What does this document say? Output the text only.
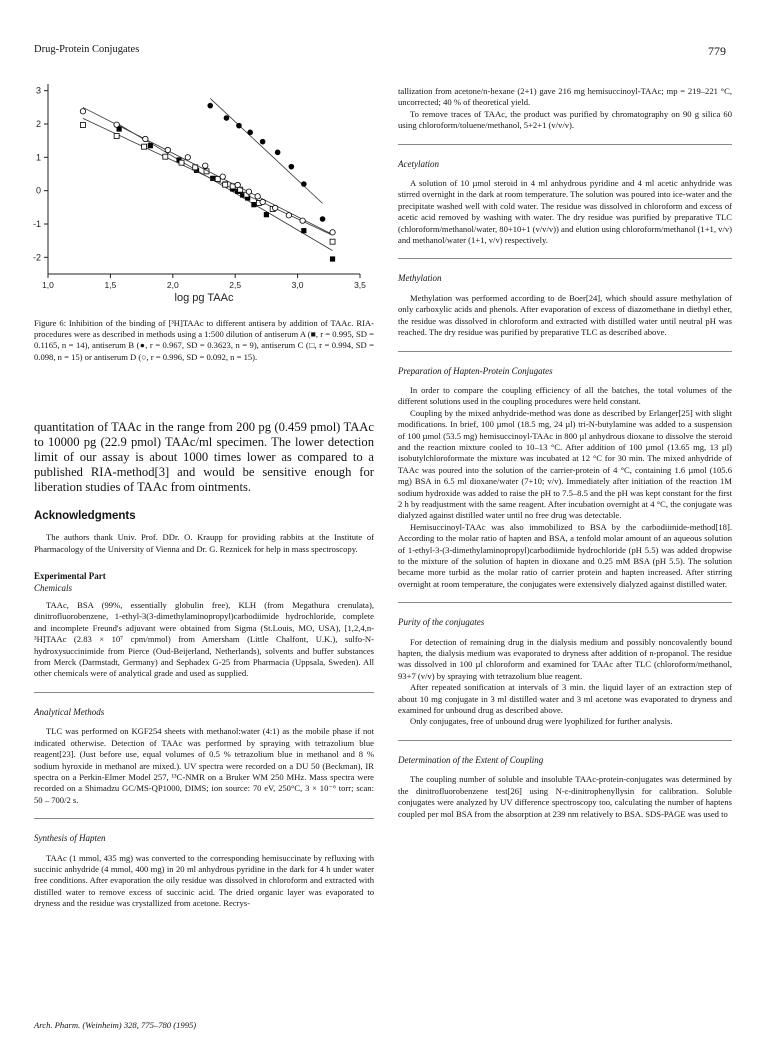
Drug-Protein Conjugates	779
3
2
1
0
-1
-2
1,0	1,5	2,0	2,5	3,0	3,5
log pg TAAc
Figure 6: Inhibition of the binding of [³H]TAAc to different antisera by addition of TAAc. RIA-procedures were as described in methods using a 1:500 dilution of antiserum A (■, r = 0.995, SD = 0.1165, n = 14), antiserum B (●, r = 0.967, SD = 0.3623, n = 9), antiserum C (□, r = 0.994, SD = 0.098, n = 15) or antiserum D (○, r = 0.996, SD = 0.092, n = 15).

quantitation of TAAc in the range from 200 pg (0.459 pmol) TAAc to 10000 pg (22.9 pmol) TAAc/ml specimen. The lower detection limit of our assay is about 1000 times lower as compared to a published RIA-method[3] and would be sensitive enough for liberation studies of TAAc from ointments.

Acknowledgments

The authors thank Univ. Prof. DDr. O. Kraupp for providing rabbits at the Institute of Pharmacology of the University of Vienna and Dr. G. Reznicek for help in mass spectroscopy.

Experimental Part
Chemicals

TAAc, BSA (99%, essentially globulin free), KLH (from Megathura crenulata), dinitrofluorobenzene, 1-ethyl-3(3-dimethylaminopropyl)carbodiimide hydrochloride, complete and incomplete Freund's adjuvant were obtained from Sigma (St.Louis, MO, USA), [1,2,4,n-³H]TAAc (2.83 × 10⁷ cpm/mmol) from Amersham (Little Chalfont, U.K.), sulfo-N-hydroxysuccinimide from Pierce (Oud-Beijerland, Netherlands), solvents and buffer substances from Merck (Darmstadt, Germany) and Sephadex G-25 from Pharmacia (Uppsala, Sweden). All other chemicals were of analytical grade and used as supplied.

Analytical Methods

TLC was performed on KGF254 sheets with methanol:water (4:1) as the mobile phase if not indicated otherwise. Detection of TAAc was performed by spraying with tetrazolium blue reagent[23]. (Just before use, equal volumes of 0.5 % tetrazolium blue in methanol and 8 % sodium hyroxide in methanol are mixed.). UV spectra were recorded on a DU 50 (Beckman), IR spectra on a Perkin-Elmer Model 257, ¹³C-NMR on a Bruker WM 250 MHz. Mass spectra were recorded on a Shimadzu GC/MS-QP1000, DIMS; ion source: 70 eV, 250°C, 3 × 10⁻⁶ torr; scan: 50 – 700/2 s.

Synthesis of Hapten

TAAc (1 mmol, 435 mg) was converted to the corresponding hemisuccinate by refluxing with succinic anhydride (4 mmol, 400 mg) in 20 ml anhydrous pyridine in the dark for 4 h under water free conditions. After evaporation the oily residue was dissolved in chloroform and extracted with distilled water to remove excess of succinic acid. The dried organic layer was evaporated to dryness and the residue was crystallized from acetone. Recrys-

tallization from acetone/n-hexane (2+1) gave 216 mg hemisuccinoyl-TAAc; mp = 219–221 °C, uncorrected; 40 % of theoretical yield.

To remove traces of TAAc, the product was purified by chromatography on 90 g silica 60 using chloroform/toluene/methanol, 5+2+1 (v/v/v).

Acetylation

A solution of 10 µmol steroid in 4 ml anhydrous pyridine and 4 ml acetic anhydride was stirred overnight in the dark at room temperature. The solution was poured into ice-water and the precipitate washed well with cold water. The residue was dissolved in chloroform and excess of acetic acid removed by washing with water. The dry residue was purified by preparative TLC (chloroform/methanol/water, 80+10+1 (v/v/v)) and elution using chloroform/methanol (1+1, v/v) and methanol/water (1+1, v/v) respectively.

Methylation

Methylation was performed according to de Boer[24], which should assure methylation of only carboxylic acids and phenols. After evaporation of excess of diazomethane in diethyl ether, the residue was dissolved in chloroform and extracted with distilled water until neutral pH was reached. The dry residue was purified by preparative TLC as described above.

Preparation of Hapten-Protein Conjugates

In order to compare the coupling efficiency of all the batches, the total volumes of the different solutions used in the coupling procedures were held constant.

Coupling by the mixed anhydride-method was done as described by Erlanger[25] with slight modifications. In brief, 100 µmol (18.5 mg, 24 µl) tri-N-butylamine was added to a suspension of 100 µmol (53.5 mg) hemisuccinoyl-TAAc in 800 µl anhydrous dioxane to dissolve the steroid and the reaction mixture cooled to 10–13 °C. After addition of 100 µmol (13.65 mg, 13 µl) isobutylchloroformate the mixture was incubated at 12 °C for 30 min. The mixed anhydride of TAAc was poured into the solution of the carrier-protein of 4 °C, containing 1.6 µmol (105.6 mg) BSA in 6.5 ml dioxane/water (7+10; v/v). Immediately after initiation of the reaction 1M sodium hydroxide was added to raise the pH to 7.5–8.5 and the pH was kept constant for the first 2 h by readjustment with the same reagent. After incubation overnight at 4 °C, the conjugate was dialyzed against distilled water until no free drug was detectable.

Hemisuccinoyl-TAAc was also immobilized to BSA by the carbodiimide-method[18]. According to the molar ratio of hapten and BSA, a tenfold molar amount of an aqueous solution of 1-ethyl-3-(3-dimethylaminopropyl)carbodiimide hydrochloride (pH 5.5) was added dropwise to the mixture of the solution of hapten in dioxane and 0.25 mM BSA (pH 5.5). The solution became more turbid as the molar ratio of carrier protein and hapten increased. After stirring overnight at room temperature, the conjugates were extensively dialyzed against distilled water.

Purity of the conjugates

For detection of remaining drug in the dialysis medium and possibly noncovalently bound hapten, the dialysis medium was evaporated to dryness after addition of n-propanol. The residue was dissolved in 100 µl chloroform and examined for TAAc after TLC (chloroform/methanol, 93+7 (v/v) by spraying with tetrazolium blue reagent.

After repeated sonification at intervals of 3 min. the liquid layer of an extraction step of about 10 mg conjugate in 3 ml distilled water and 3 ml acetone was evaporated to dryness and examined for unbound drug as described above.

Only conjugates, free of unbound drug were lyophilized for further analysis.

Determination of the Extent of Coupling

The coupling number of soluble and insoluble TAAc-protein-conjugates was determined by the dinitrofluorobenzene test[26] using N-ε-dinitrophenyllysin for calibration. Soluble conjugates were analyzed by UV difference spectroscopy too, calculating the number of haptens coupled per mol BSA from the absorption at 239 nm relatively to BSA. SDS-PAGE was used to

Arch. Pharm. (Weinheim) 328, 775–780 (1995)
